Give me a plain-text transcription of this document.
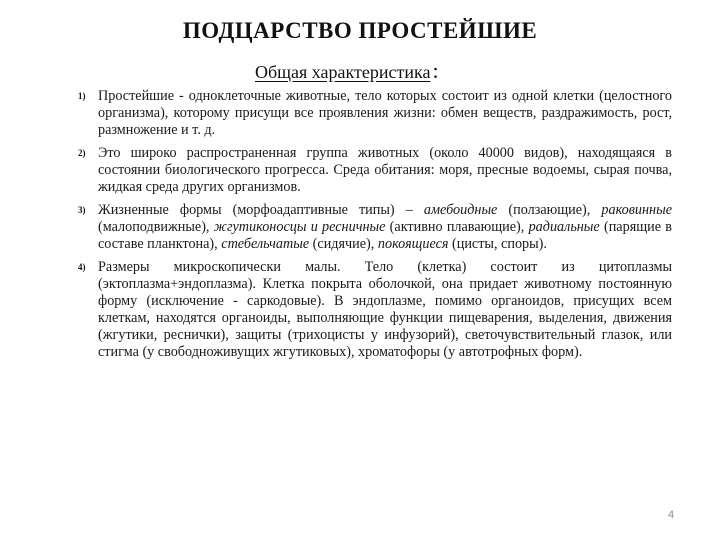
ПОДЦАРСТВО ПРОСТЕЙШИЕ
Общая характеристика:
1) Простейшие - одноклеточные животные, тело которых состоит из одной клетки (целостного организма), которому присущи все проявления жизни: обмен веществ, раздражимость, рост, размножение и т. д.
2) Это широко распространенная группа животных (около 40000 видов), находящаяся в состоянии биологического прогресса. Среда обитания: моря, пресные водоемы, сырая почва, жидкая среда других организмов.
3) Жизненные формы (морфоадаптивные типы) – амебоидные (ползающие), раковинные (малоподвижные), жгутиконосцы и ресничные (активно плавающие), радиальные (парящие в составе планктона), стебельчатые (сидячие), покоящиеся (цисты, споры).
4) Размеры микроскопически малы. Тело (клетка) состоит из цитоплазмы (эктоплазма+эндоплазма). Клетка покрыта оболочкой, она придает животному постоянную форму (исключение - саркодовые). В эндоплазме, помимо органоидов, присущих всем клеткам, находятся органоиды, выполняющие функции пищеварения, выделения, движения (жгутики, реснички), защиты (трихоцисты у инфузорий), светочувствительный глазок, или стигма (у свободноживущих жгутиковых), хроматофоры (у автотрофных форм).
4
